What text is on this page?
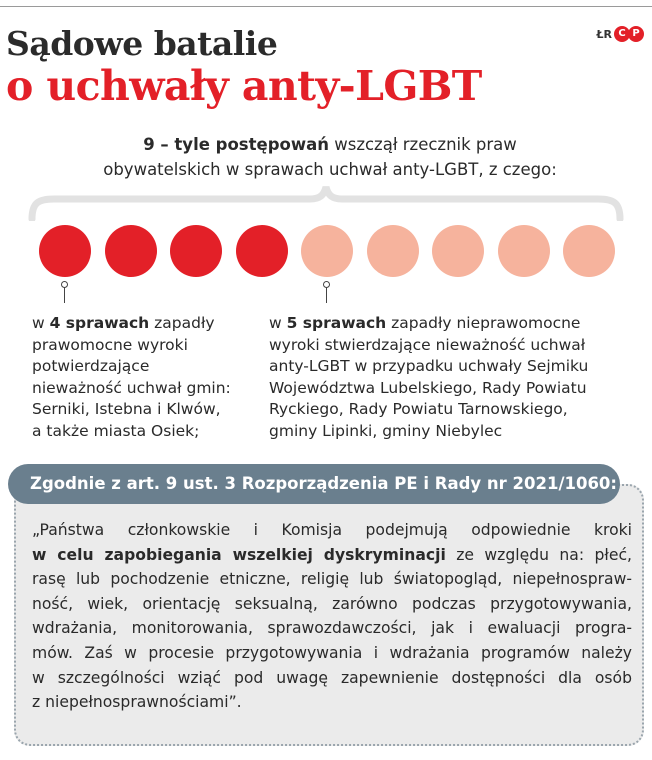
Sądowe batalie
o uchwały anty-LGBT
ŁR C P
9 – tyle postępowań wszczął rzecznik praw
obywatelskich w sprawach uchwał anty-LGBT, z czego:

w 4 sprawach zapadły

prawomocne wyroki

potwierdzające

nieważność uchwał gmin:

Serniki, Istebna i Klwów,

a także miasta Osiek;

w 5 sprawach zapadły nieprawomocne

wyroki stwierdzające nieważność uchwał

anty-LGBT w przypadku uchwały Sejmiku

Województwa Lubelskiego, Rady Powiatu

Ryckiego, Rady Powiatu Tarnowskiego,

gminy Lipinki, gminy Niebylec

Zgodnie z art. 9 ust. 3 Rozporządzenia PE i Rady nr 2021/1060:

„Państwa członkowskie i Komisja podejmują odpowiednie kroki

w celu zapobiegania wszelkiej dyskryminacji ze względu na: płeć,

rasę lub pochodzenie etniczne, religię lub światopogląd, niepełnospraw-

ność, wiek, orientację seksualną, zarówno podczas przygotowywania,

wdrażania, monitorowania, sprawozdawczości, jak i ewaluacji progra-

mów. Zaś w procesie przygotowywania i wdrażania programów należy

w szczególności wziąć pod uwagę zapewnienie dostępności dla osób

z niepełnosprawnościami”.
